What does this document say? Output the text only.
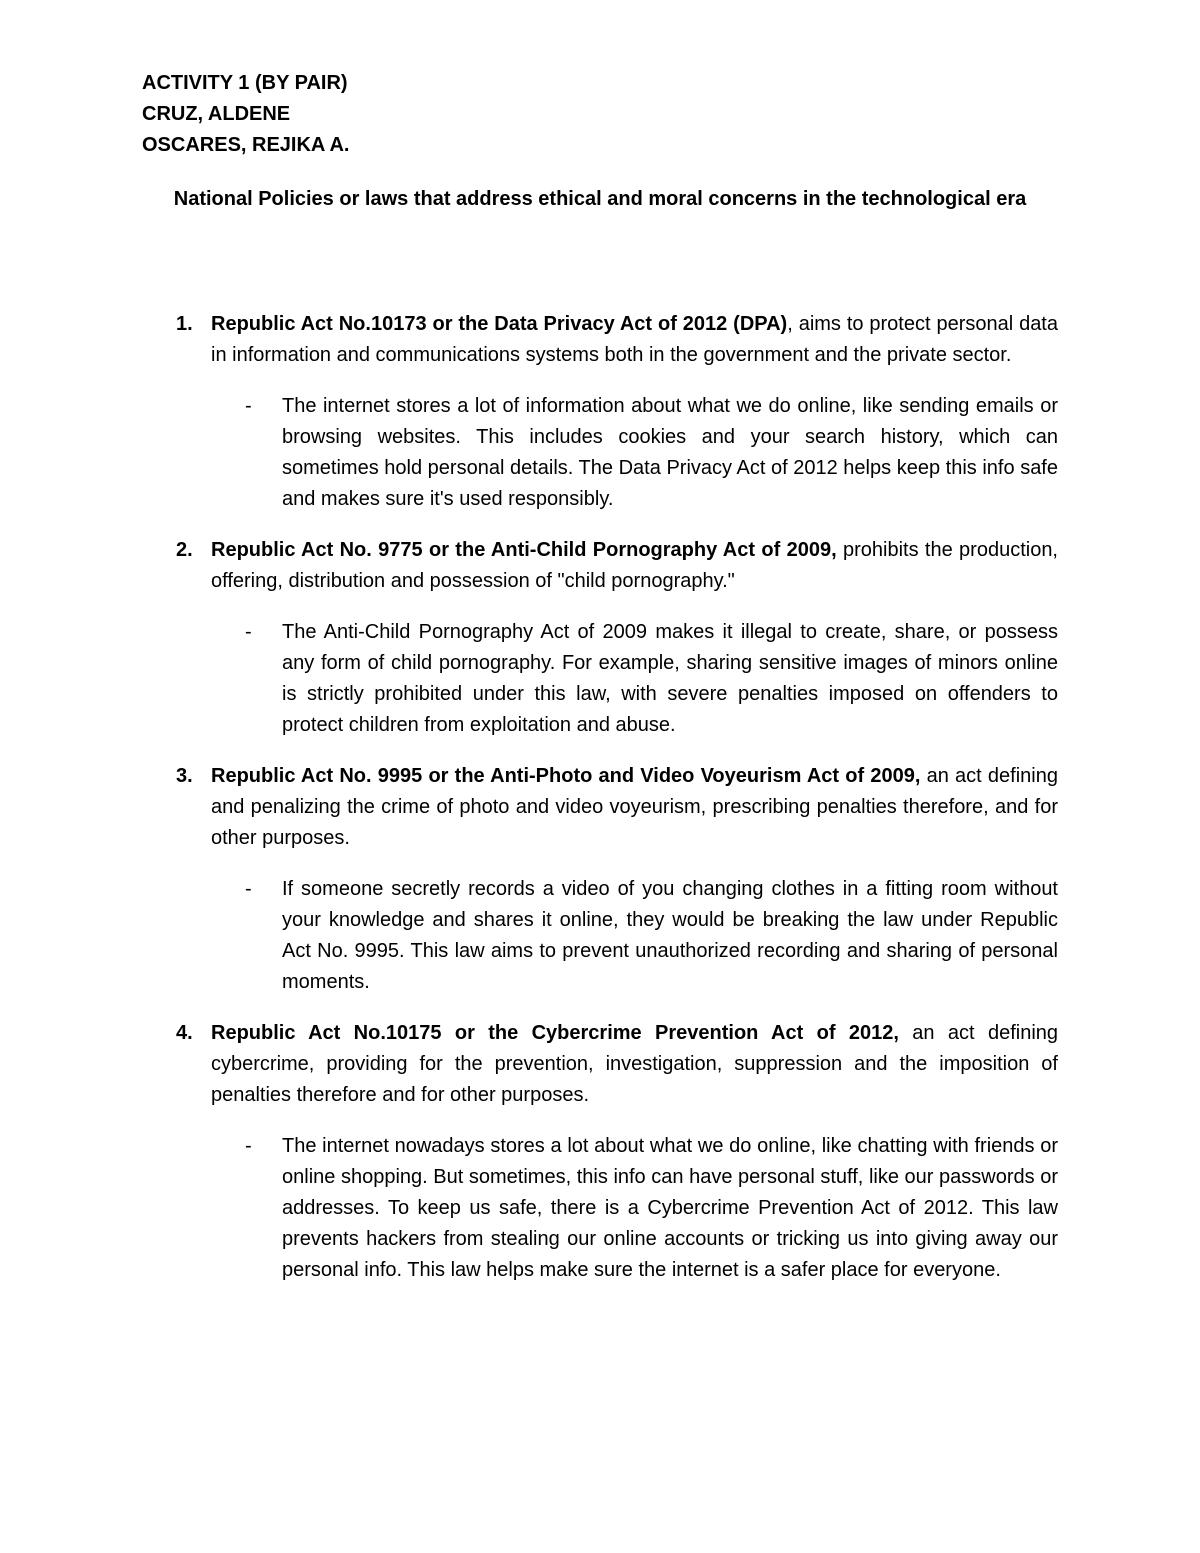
ACTIVITY 1 (BY PAIR)
CRUZ, ALDENE
OSCARES, REJIKA A.
National Policies or laws that address ethical and moral concerns in the technological era
1. Republic Act No.10173 or the Data Privacy Act of 2012 (DPA), aims to protect personal data in information and communications systems both in the government and the private sector.
- The internet stores a lot of information about what we do online, like sending emails or browsing websites. This includes cookies and your search history, which can sometimes hold personal details. The Data Privacy Act of 2012 helps keep this info safe and makes sure it's used responsibly.
2. Republic Act No. 9775 or the Anti-Child Pornography Act of 2009, prohibits the production, offering, distribution and possession of "child pornography."
- The Anti-Child Pornography Act of 2009 makes it illegal to create, share, or possess any form of child pornography. For example, sharing sensitive images of minors online is strictly prohibited under this law, with severe penalties imposed on offenders to protect children from exploitation and abuse.
3. Republic Act No. 9995 or the Anti-Photo and Video Voyeurism Act of 2009, an act defining and penalizing the crime of photo and video voyeurism, prescribing penalties therefore, and for other purposes.
- If someone secretly records a video of you changing clothes in a fitting room without your knowledge and shares it online, they would be breaking the law under Republic Act No. 9995. This law aims to prevent unauthorized recording and sharing of personal moments.
4. Republic Act No.10175 or the Cybercrime Prevention Act of 2012, an act defining cybercrime, providing for the prevention, investigation, suppression and the imposition of penalties therefore and for other purposes.
- The internet nowadays stores a lot about what we do online, like chatting with friends or online shopping. But sometimes, this info can have personal stuff, like our passwords or addresses. To keep us safe, there is a Cybercrime Prevention Act of 2012. This law prevents hackers from stealing our online accounts or tricking us into giving away our personal info. This law helps make sure the internet is a safer place for everyone.
